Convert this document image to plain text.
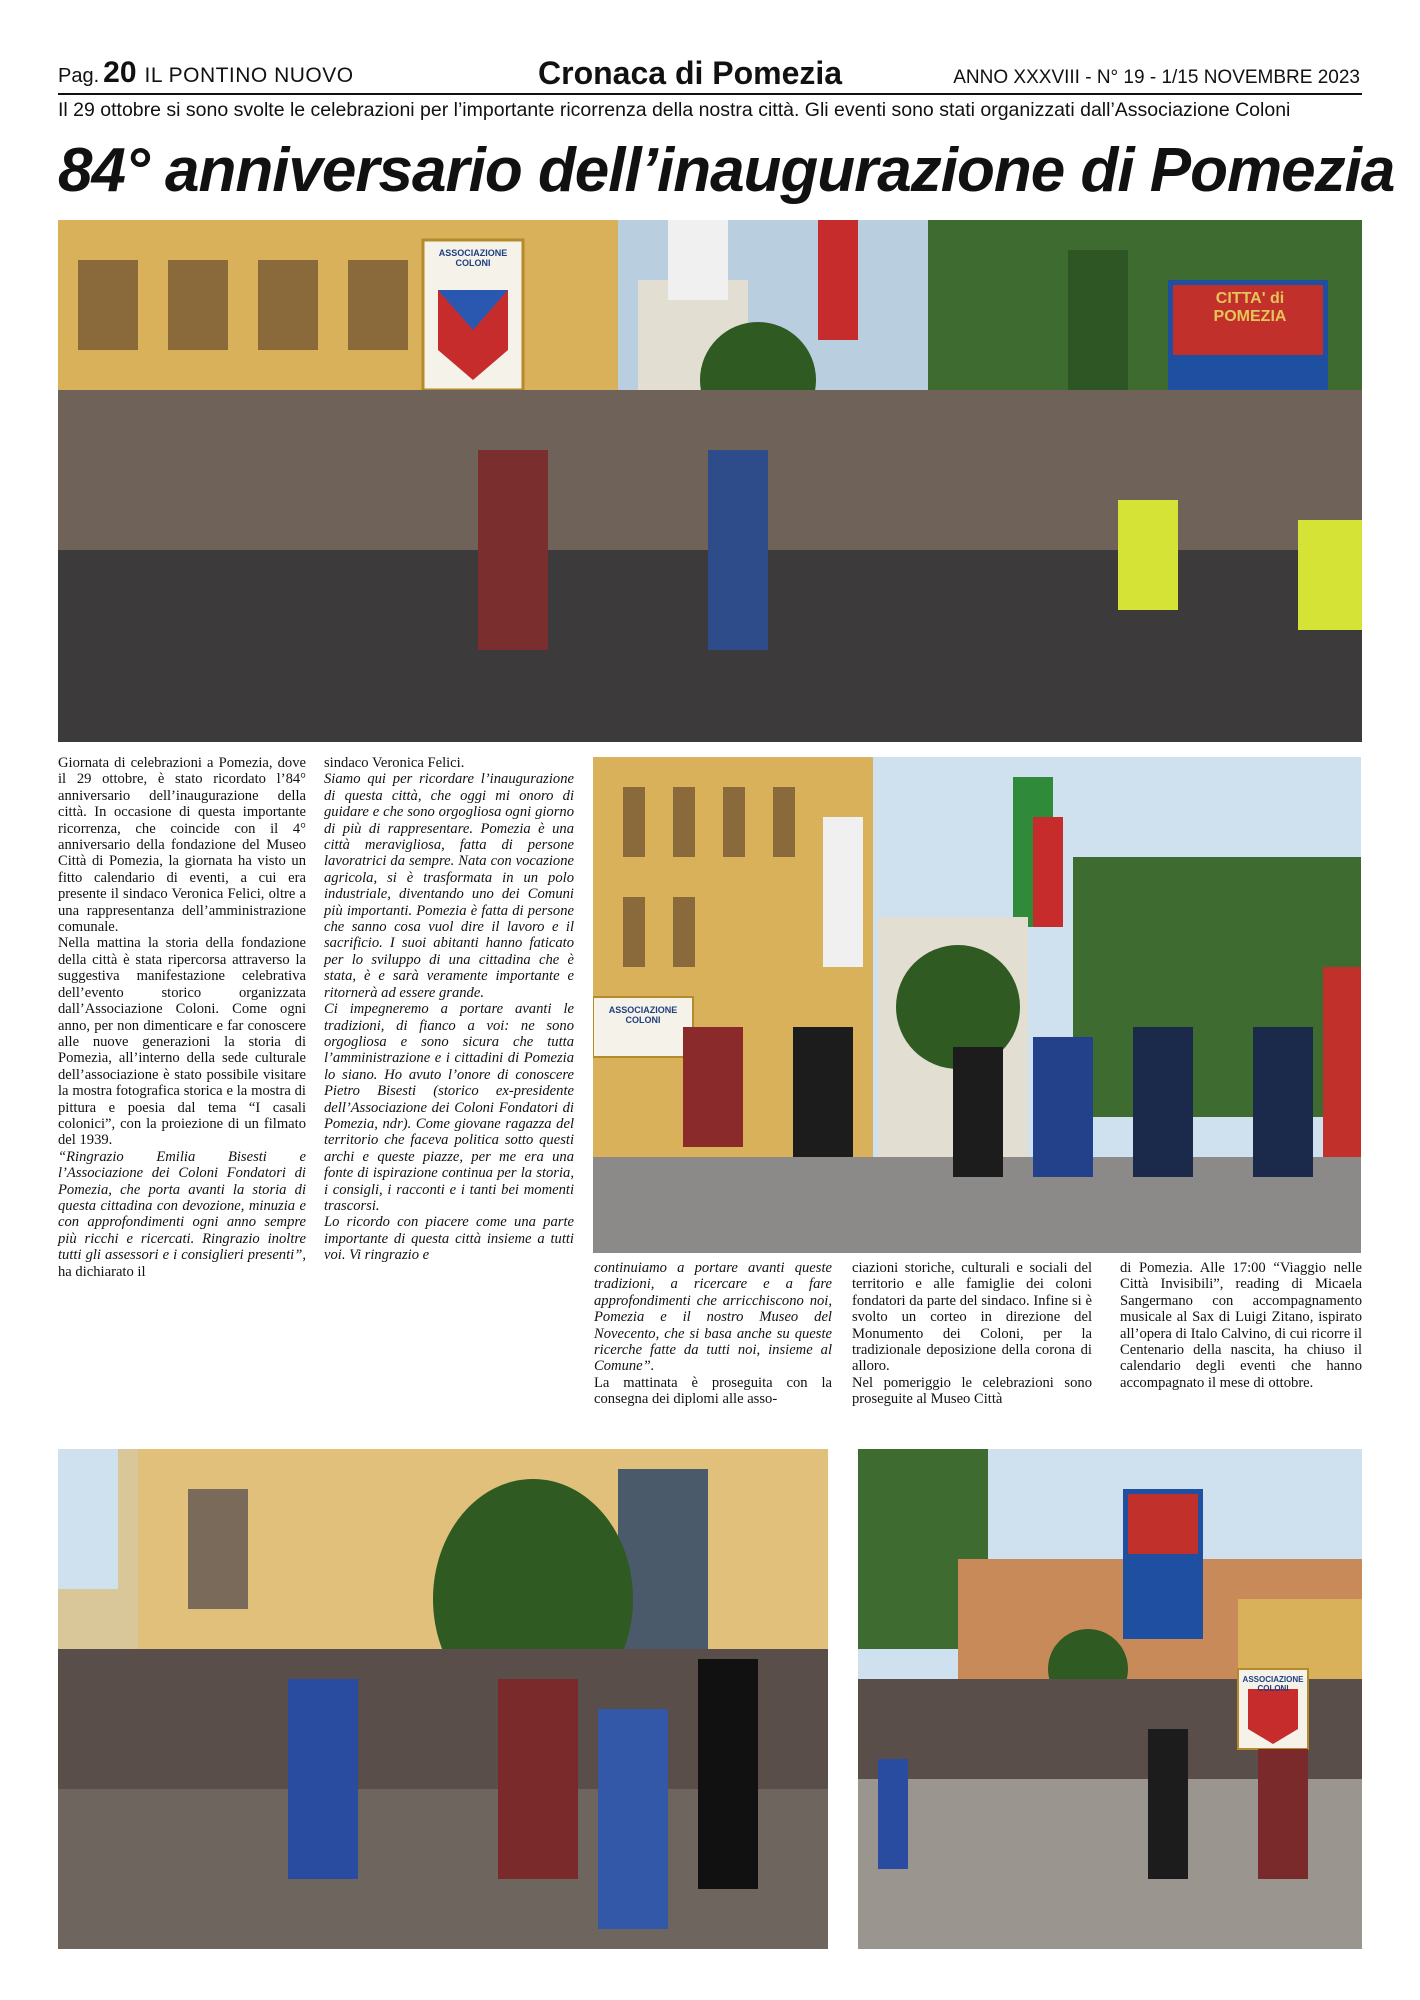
Pag. 20 IL PONTINO NUOVO	Cronaca di Pomezia	ANNO XXXVIII - N° 19 - 1/15 NOVEMBRE 2023
Il 29 ottobre si sono svolte le celebrazioni per l’importante ricorrenza della nostra città. Gli eventi sono stati organizzati dall’Associazione Coloni
84° anniversario dell’inaugurazione di Pomezia
ASSOCIAZIONE COLONI
CITTA' di POMEZIA
ASSOCIAZIONE COLONI

Giornata di celebrazioni a Pomezia, dove il 29 ottobre, è stato ricordato l’84° anniversario dell’inaugurazione della città. In occasione di questa importante ricorrenza, che coincide con il 4° anniversario della fondazione del Museo Città di Pomezia, la giornata ha visto un fitto calendario di eventi, a cui era presente il sindaco Veronica Felici, oltre a una rappresentanza dell’amministrazione comunale.

Nella mattina la storia della fondazione della città è stata ripercorsa attraverso la suggestiva manifestazione celebrativa dell’evento storico organizzata dall’Associazione Coloni. Come ogni anno, per non dimenticare e far conoscere alle nuove generazioni la storia di Pomezia, all’interno della sede culturale dell’associazione è stato possibile visitare la mostra fotografica storica e la mostra di pittura e poesia dal tema “I casali colonici”, con la proiezione di un filmato del 1939.

“Ringrazio Emilia Bisesti e l’Associazione dei Coloni Fondatori di Pomezia, che porta avanti la storia di questa cittadina con devozione, minuzia e con approfondimenti ogni anno sempre più ricchi e ricercati. Ringrazio inoltre tutti gli assessori e i consiglieri presenti”, ha dichiarato il

sindaco Veronica Felici.

Siamo qui per ricordare l’inaugurazione di questa città, che oggi mi onoro di guidare e che sono orgogliosa ogni giorno di più di rappresentare. Pomezia è una città meravigliosa, fatta di persone lavoratrici da sempre. Nata con vocazione agricola, si è trasformata in un polo industriale, diventando uno dei Comuni più importanti. Pomezia è fatta di persone che sanno cosa vuol dire il lavoro e il sacrificio. I suoi abitanti hanno faticato per lo sviluppo di una cittadina che è stata, è e sarà veramente importante e ritornerà ad essere grande.

Ci impegneremo a portare avanti le tradizioni, di fianco a voi: ne sono orgogliosa e sono sicura che tutta l’amministrazione e i cittadini di Pomezia lo siano. Ho avuto l’onore di conoscere Pietro Bisesti (storico ex-presidente dell’Associazione dei Coloni Fondatori di Pomezia, ndr). Come giovane ragazza del territorio che faceva politica sotto questi archi e queste piazze, per me era una fonte di ispirazione continua per la storia, i consigli, i racconti e i tanti bei momenti trascorsi.

Lo ricordo con piacere come una parte importante di questa città insieme a tutti voi. Vi ringrazio e

continuiamo a portare avanti queste tradizioni, a ricercare e a fare approfondimenti che arricchiscono noi, Pomezia e il nostro Museo del Novecento, che si basa anche su queste ricerche fatte da tutti noi, insieme al Comune”.

La mattinata è proseguita con la consegna dei diplomi alle asso-

ciazioni storiche, culturali e sociali del territorio e alle famiglie dei coloni fondatori da parte del sindaco. Infine si è svolto un corteo in direzione del Monumento dei Coloni, per la tradizionale deposizione della corona di alloro.

Nel pomeriggio le celebrazioni sono proseguite al Museo Città

di Pomezia. Alle 17:00 “Viaggio nelle Città Invisibili”, reading di Micaela Sangermano con accompagnamento musicale al Sax di Luigi Zitano, ispirato all’opera di Italo Calvino, di cui ricorre il Centenario della nascita, ha chiuso il calendario degli eventi che hanno accompagnato il mese di ottobre.

ASSOCIAZIONE COLONI
